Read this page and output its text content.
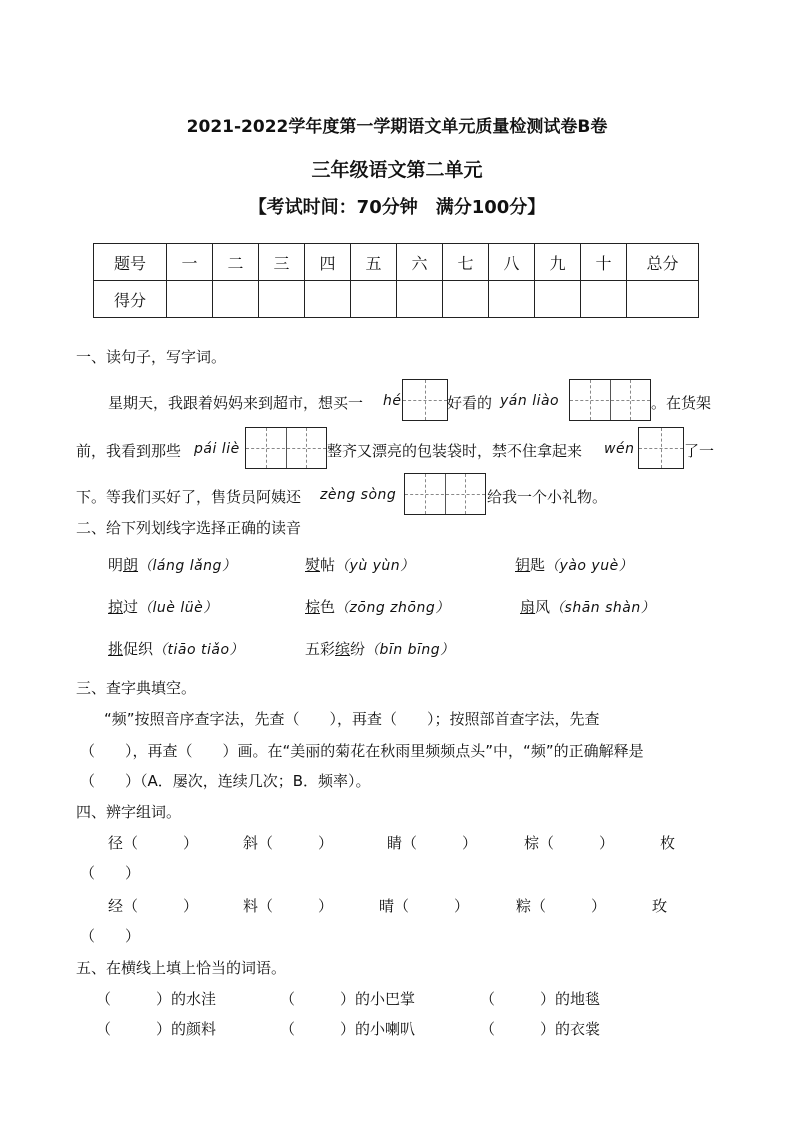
2021-2022学年度第一学期语文单元质量检测试卷B卷
三年级语文第二单元
【考试时间：70分钟　满分100分】
题号	一	二	三	四	五	六	七	八	九	十	总分
得分											
一、读句子，写字词。
星期天，我跟着妈妈来到超市，想买一 hé	好看的 yán liào	。在货架
前，我看到那些 pái liè	整齐又漂亮的包装袋时，禁不住拿起来 wén	了一
下。等我们买好了，售货员阿姨还 zèng sòng	给我一个小礼物。
二、给下列划线字选择正确的读音
明朗（láng lǎng）	熨帖（yù yùn）	钥匙（yào yuè）
掠过（luè lüè）	棕色（zōng zhōng）	扇风（shān shàn）
挑促织（tiāo tiǎo）	五彩缤纷（bīn bīng）
三、查字典填空。
“频”按照音序查字法，先查（　　），再查（　　）；按照部首查字法，先查
（　　），再查（　　）画。在“美丽的菊花在秋雨里频频点头”中，“频”的正确解释是
（　　）（A．屡次，连续几次；B．频率）。
四、辨字组词。
径（　　　）	斜（　　　）	睛（　　　）	棕（　　　）	枚
（　　）
经（　　　）	料（　　　）	晴（　　　）	粽（　　　）	玫
（　　）
五、在横线上填上恰当的词语。
（　　　）的水洼	（　　　）的小巴掌	（　　　）的地毯
（　　　）的颜料	（　　　）的小喇叭	（　　　）的衣裳
